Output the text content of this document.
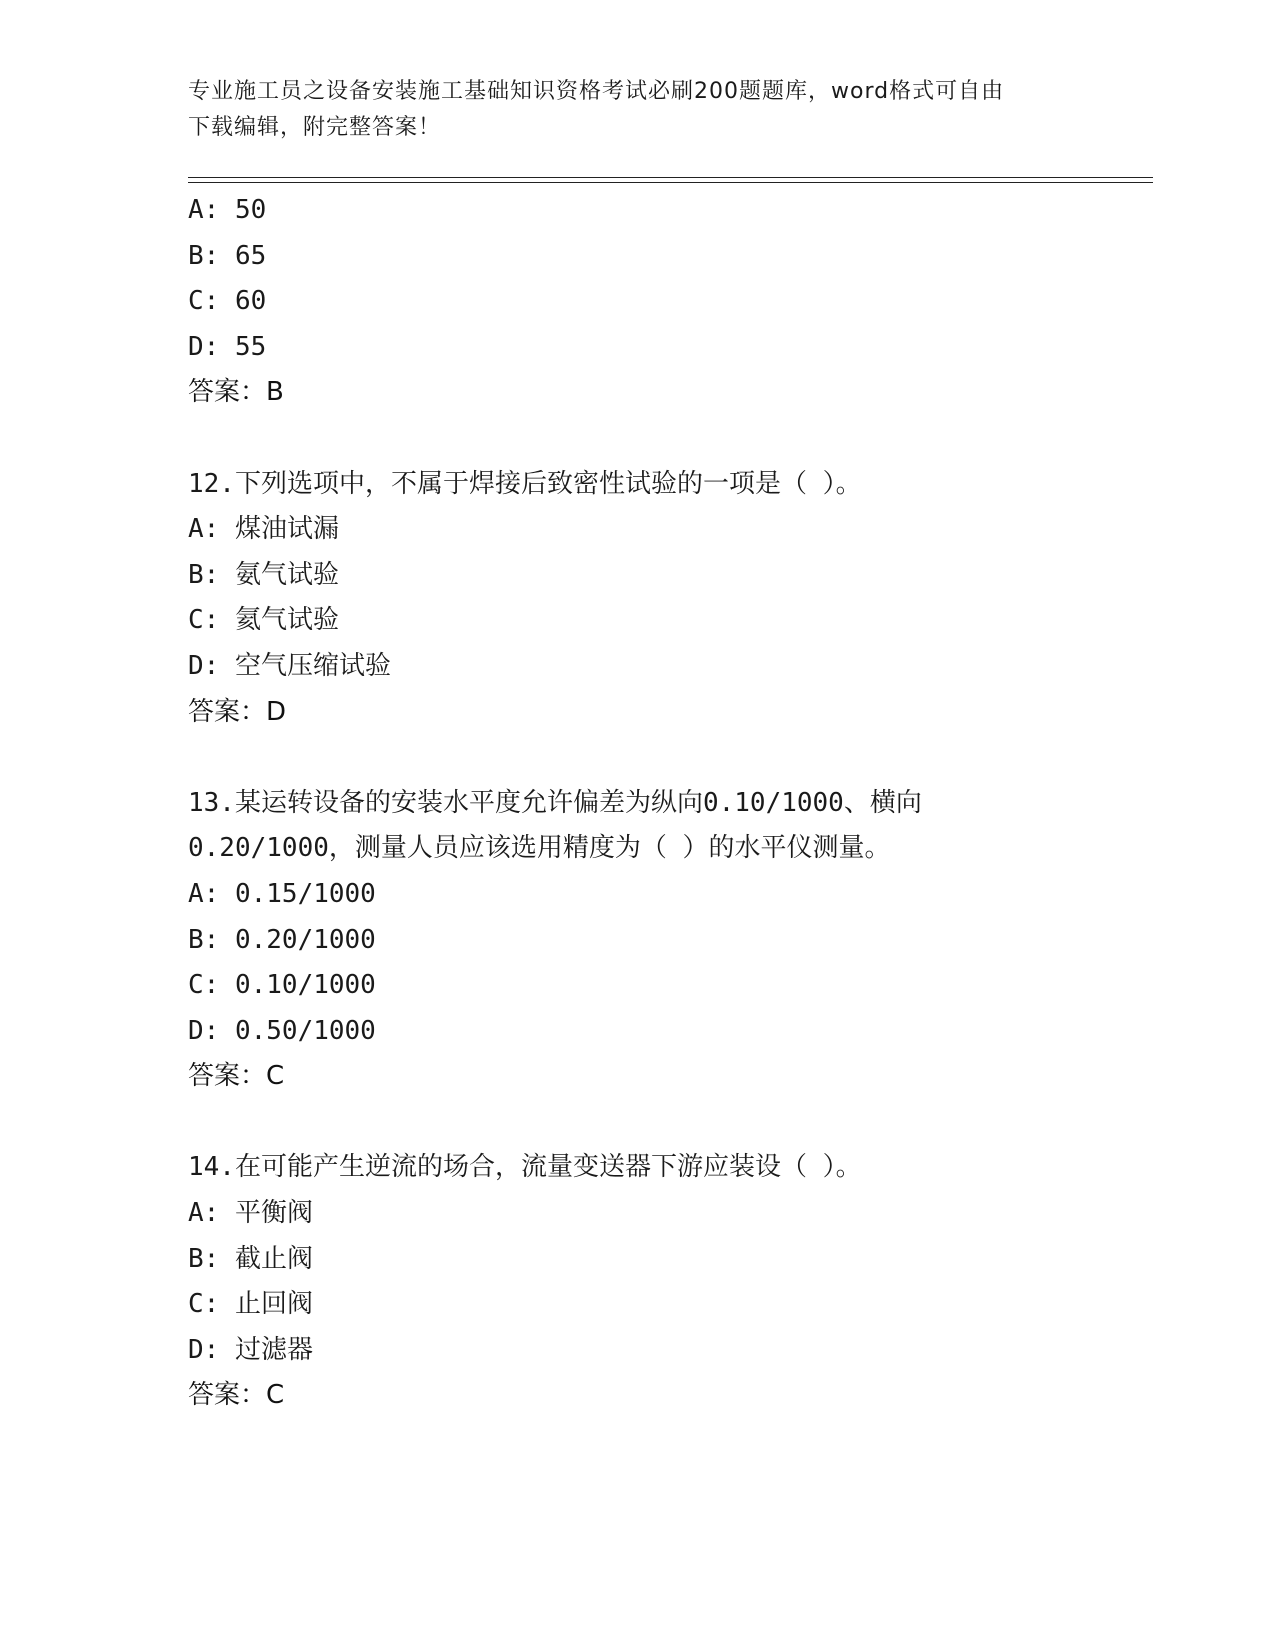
专业施工员之设备安装施工基础知识资格考试必刷200题题库，word格式可自由
下载编辑，附完整答案！
A: 50
B: 65
C: 60
D: 55
答案：B
12.下列选项中，不属于焊接后致密性试验的一项是（ ）。
A: 煤油试漏
B: 氨气试验
C: 氦气试验
D: 空气压缩试验
答案：D
13.某运转设备的安装水平度允许偏差为纵向0.10/1000、横向
0.20/1000，测量人员应该选用精度为（ ）的水平仪测量。
A: 0.15/1000
B: 0.20/1000
C: 0.10/1000
D: 0.50/1000
答案：C
14.在可能产生逆流的场合，流量变送器下游应装设（ ）。
A: 平衡阀
B: 截止阀
C: 止回阀
D: 过滤器
答案：C
